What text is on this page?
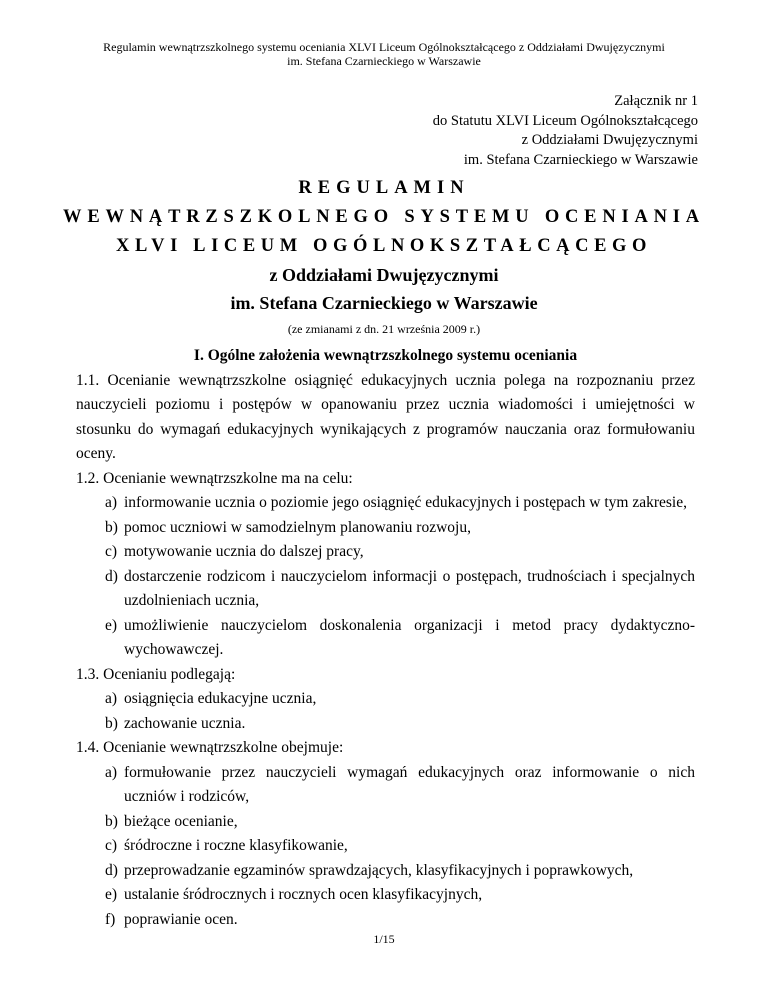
Regulamin wewnątrzszkolnego systemu oceniania XLVI Liceum Ogólnokształcącego z Oddziałami Dwujęzycznymi
im. Stefana Czarnieckiego w Warszawie
Załącznik nr 1
do Statutu XLVI Liceum Ogólnokształcącego
z Oddziałami Dwujęzycznymi
im. Stefana Czarnieckiego w Warszawie
REGULAMIN
WEWNĄTRZSZKOLNEGO SYSTEMU OCENIANIA
XLVI LICEUM OGÓLNOKSZTAŁCĄCEGO
z Oddziałami Dwujęzycznymi
im. Stefana Czarnieckiego w Warszawie
(ze zmianami z dn. 21 września 2009 r.)
I. Ogólne założenia wewnątrzszkolnego systemu oceniania
1.1. Ocenianie wewnątrzszkolne osiągnięć edukacyjnych ucznia polega na rozpoznaniu przez nauczycieli poziomu i postępów w opanowaniu przez ucznia wiadomości i umiejętności w stosunku do wymagań edukacyjnych wynikających z programów nauczania oraz formułowaniu oceny.
1.2. Ocenianie wewnątrzszkolne ma na celu:
a) informowanie ucznia o poziomie jego osiągnięć edukacyjnych i postępach w tym zakresie,
b) pomoc uczniowi w samodzielnym planowaniu rozwoju,
c) motywowanie ucznia do dalszej pracy,
d) dostarczenie rodzicom i nauczycielom informacji o postępach, trudnościach i specjalnych uzdolnieniach ucznia,
e) umożliwienie nauczycielom doskonalenia organizacji i metod pracy dydaktyczno-wychowawczej.
1.3. Ocenianiu podlegają:
a) osiągnięcia edukacyjne ucznia,
b) zachowanie ucznia.
1.4. Ocenianie wewnątrzszkolne obejmuje:
a) formułowanie przez nauczycieli wymagań edukacyjnych oraz informowanie o nich uczniów i rodziców,
b) bieżące ocenianie,
c) śródroczne i roczne klasyfikowanie,
d) przeprowadzanie egzaminów sprawdzających, klasyfikacyjnych i poprawkowych,
e) ustalanie śródrocznych i rocznych ocen klasyfikacyjnych,
f) poprawianie ocen.
1/15
